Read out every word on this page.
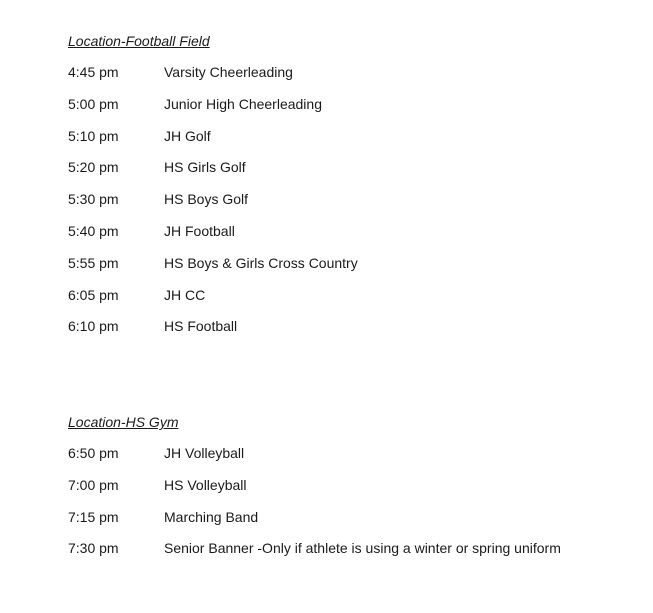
Location-Football Field
4:45 pm	Varsity Cheerleading
5:00 pm	Junior High Cheerleading
5:10 pm	JH Golf
5:20 pm	HS Girls Golf
5:30 pm	HS Boys Golf
5:40 pm	JH Football
5:55 pm	HS Boys & Girls Cross Country
6:05 pm	JH CC
6:10 pm	HS Football
Location-HS Gym
6:50 pm	JH Volleyball
7:00 pm	HS Volleyball
7:15 pm	Marching Band
7:30 pm	Senior Banner -Only if athlete is using a winter or spring uniform
